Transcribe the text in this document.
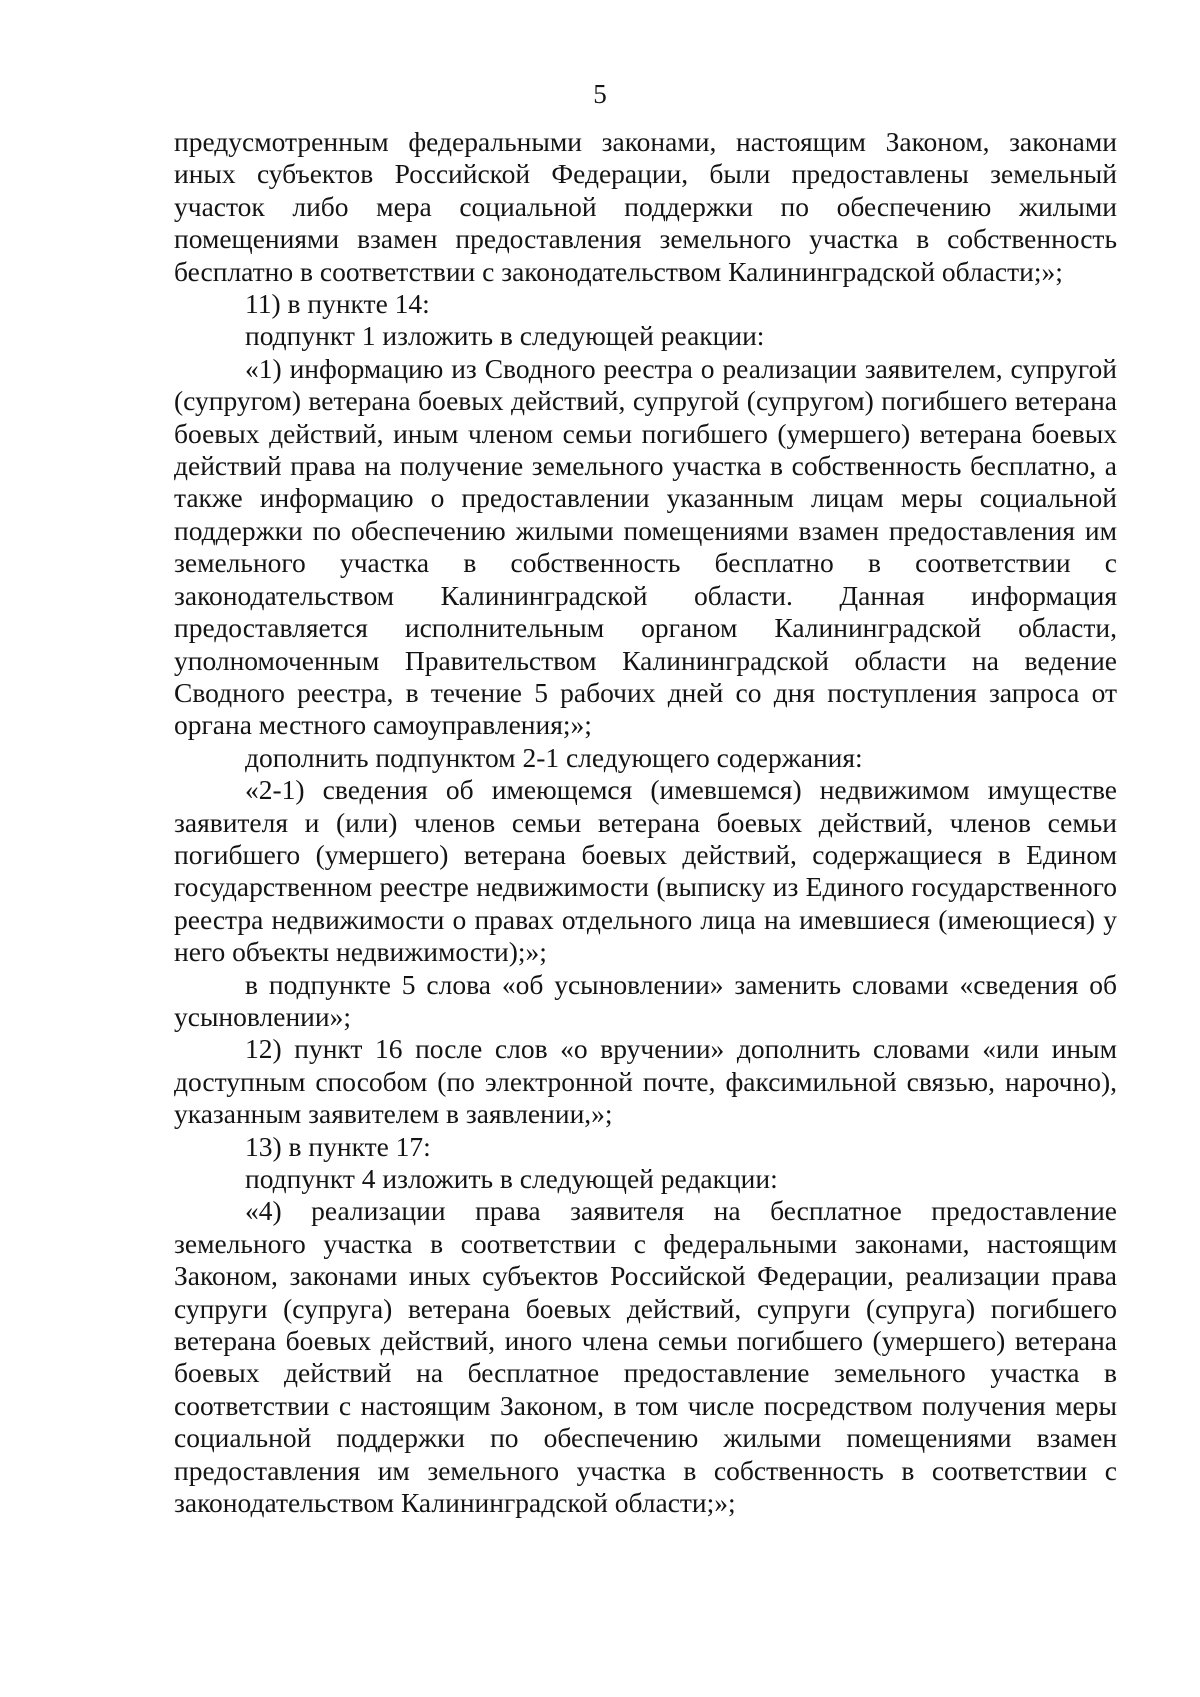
5

предусмотренным федеральными законами, настоящим Законом, законами иных субъектов Российской Федерации, были предоставлены земельный участок либо мера социальной поддержки по обеспечению жилыми помещениями взамен предоставления земельного участка в собственность бесплатно в соответствии с законодательством Калининградской области;»;

11) в пункте 14:

подпункт 1 изложить в следующей реакции:

«1) информацию из Сводного реестра о реализации заявителем, супругой (супругом) ветерана боевых действий, супругой (супругом) погибшего ветерана боевых действий, иным членом семьи погибшего (умершего) ветерана боевых действий права на получение земельного участка в собственность бесплатно, а также информацию о предоставлении указанным лицам меры социальной поддержки по обеспечению жилыми помещениями взамен предоставления им земельного участка в собственность бесплатно в соответствии с законодательством Калининградской области. Данная информация предоставляется исполнительным органом Калининградской области, уполномоченным Правительством Калининградской области на ведение Сводного реестра, в течение 5 рабочих дней со дня поступления запроса от органа местного самоуправления;»;

дополнить подпунктом 2-1 следующего содержания:

«2-1) сведения об имеющемся (имевшемся) недвижимом имуществе заявителя и (или) членов семьи ветерана боевых действий, членов семьи погибшего (умершего) ветерана боевых действий, содержащиеся в Едином государственном реестре недвижимости (выписку из Единого государственного реестра недвижимости о правах отдельного лица на имевшиеся (имеющиеся) у него объекты недвижимости);»;

в подпункте 5 слова «об усыновлении» заменить словами «сведения об усыновлении»;

12) пункт 16 после слов «о вручении» дополнить словами «или иным доступным способом (по электронной почте, факсимильной связью, нарочно), указанным заявителем в заявлении,»;

13) в пункте 17:

подпункт 4 изложить в следующей редакции:

«4) реализации права заявителя на бесплатное предоставление земельного участка в соответствии с федеральными законами, настоящим Законом, законами иных субъектов Российской Федерации, реализации права супруги (супруга) ветерана боевых действий, супруги (супруга) погибшего ветерана боевых действий, иного члена семьи погибшего (умершего) ветерана боевых действий на бесплатное предоставление земельного участка в соответствии с настоящим Законом, в том числе посредством получения меры социальной поддержки по обеспечению жилыми помещениями взамен предоставления им земельного участка в собственность в соответствии с законодательством Калининградской области;»;
